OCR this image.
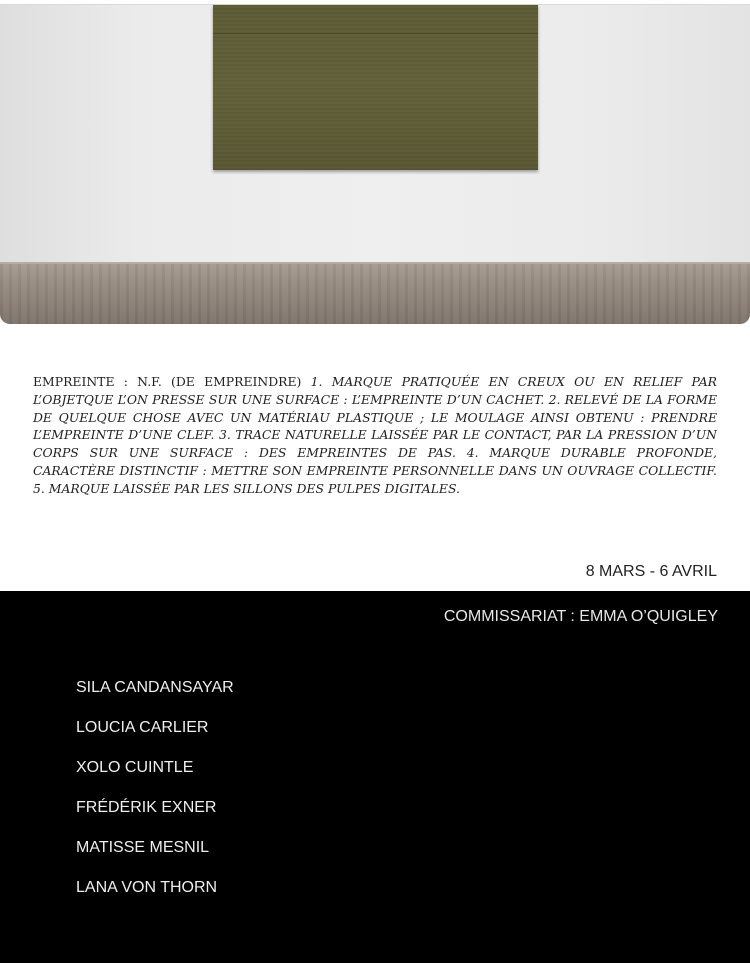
EMPREINTE : N.F. (DE EMPREINDRE) 1. MARQUE PRATIQUÉE EN CREUX OU EN RELIEF PAR L’OBJETQUE L’ON PRESSE SUR UNE SURFACE : L’EMPREINTE D’UN CACHET. 2. RELEVÉ DE LA FORME DE QUELQUE CHOSE AVEC UN MATÉRIAU PLASTIQUE ; LE MOULAGE AINSI OBTENU : PRENDRE L’EMPREINTE D’UNE CLEF. 3. TRACE NATURELLE LAISSÉE PAR LE CONTACT, PAR LA PRESSION D’UN CORPS SUR UNE SURFACE : DES EMPREINTES DE PAS. 4. MARQUE DURABLE PROFONDE, CARACTÈRE DISTINCTIF : METTRE SON EMPREINTE PERSONNELLE DANS UN OUVRAGE COLLECTIF. 5. MARQUE LAISSÉE PAR LES SILLONS DES PULPES DIGITALES.

8 MARS - 6 AVRIL
COMMISSARIAT : EMMA O’QUIGLEY
SILA CANDANSAYAR
LOUCIA CARLIER
XOLO CUINTLE
FRÉDÉRIK EXNER
MATISSE MESNIL
LANA VON THORN
